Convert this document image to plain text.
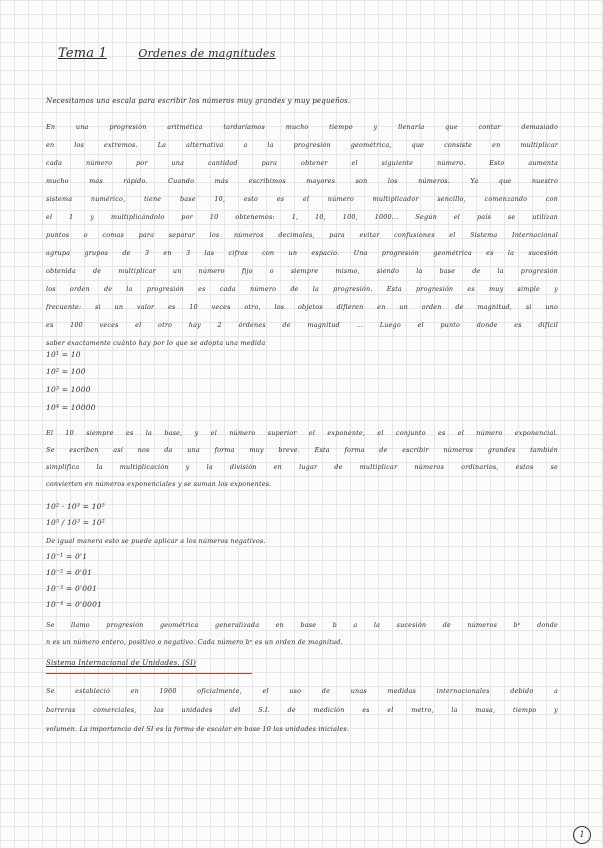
Tema 1	Ordenes de magnitudes
Necesitamos una escala para escribir los números muy grandes y muy pequeños.
En una progresión aritmética tardaríamos mucho tiempo y llenaría que contar demasiado
en los extremos. La alternativa a la progresión geométrica, que consiste en multiplicar
cada número por una cantidad para obtener el siguiente número. Esto aumenta
mucho más rápido. Cuando más escribimos mayores son los números. Ya que nuestro
sistema numérico, tiene base 10, esto es el número multiplicador sencillo, comenzando con
el 1 y multiplicándolo por 10 obtenemos: 1, 10, 100, 1000... Según el país se utilizan
puntos o comas para separar los números decimales, para evitar confusiones el Sistema Internacional
agrupa grupos de 3 en 3 las cifras con un espacio. Una progresión geométrica es la sucesión
obtenida de multiplicar un número fijo o siempre mismo, siendo la base de la progresión
los orden de la progresión es cada número de la progresión. Esta progresión es muy simple y
frecuente: si un valor es 10 veces otro, los objetos difieren en un orden de magnitud, si uno
es 100 veces el otro hay 2 órdenes de magnitud ... Luego el punto donde es difícil
saber exactamente cuánto hay por lo que se adopta una medida
10¹ = 10
10² = 100
10³ = 1000
10⁴ = 10000
El 10 siempre es la base, y el número superior el exponente, el conjunto es el número exponencial.
Se escriben así nos da una forma muy breve. Esta forma de escribir números grandes también
simplifica la multiplicación y la división en lugar de multiplicar números ordinarios, estos se
convierten en números exponenciales y se suman los exponentes.
10² · 10³ = 10⁵
10⁵ / 10³ = 10²
De igual manera esto se puede aplicar a los números negativos.
10⁻¹ = 0'1
10⁻² = 0'01
10⁻³ = 0'001
10⁻⁴ = 0'0001
Se llamo progresión geométrica generalizada en base b a la sucesión de números bⁿ donde
n es un número entero, positivo o negativo. Cada número bⁿ es un orden de magnitud.
Sistema Internacional de Unidades. (SI)
Se estableció en 1960 oficialmente, el uso de unas medidas internacionales debido a
barreras comerciales, las unidades del S.I. de medición es el metro, la masa, tiempo y
volumen. La importancia del SI es la forma de escalar en base 10 las unidades iniciales.
1
